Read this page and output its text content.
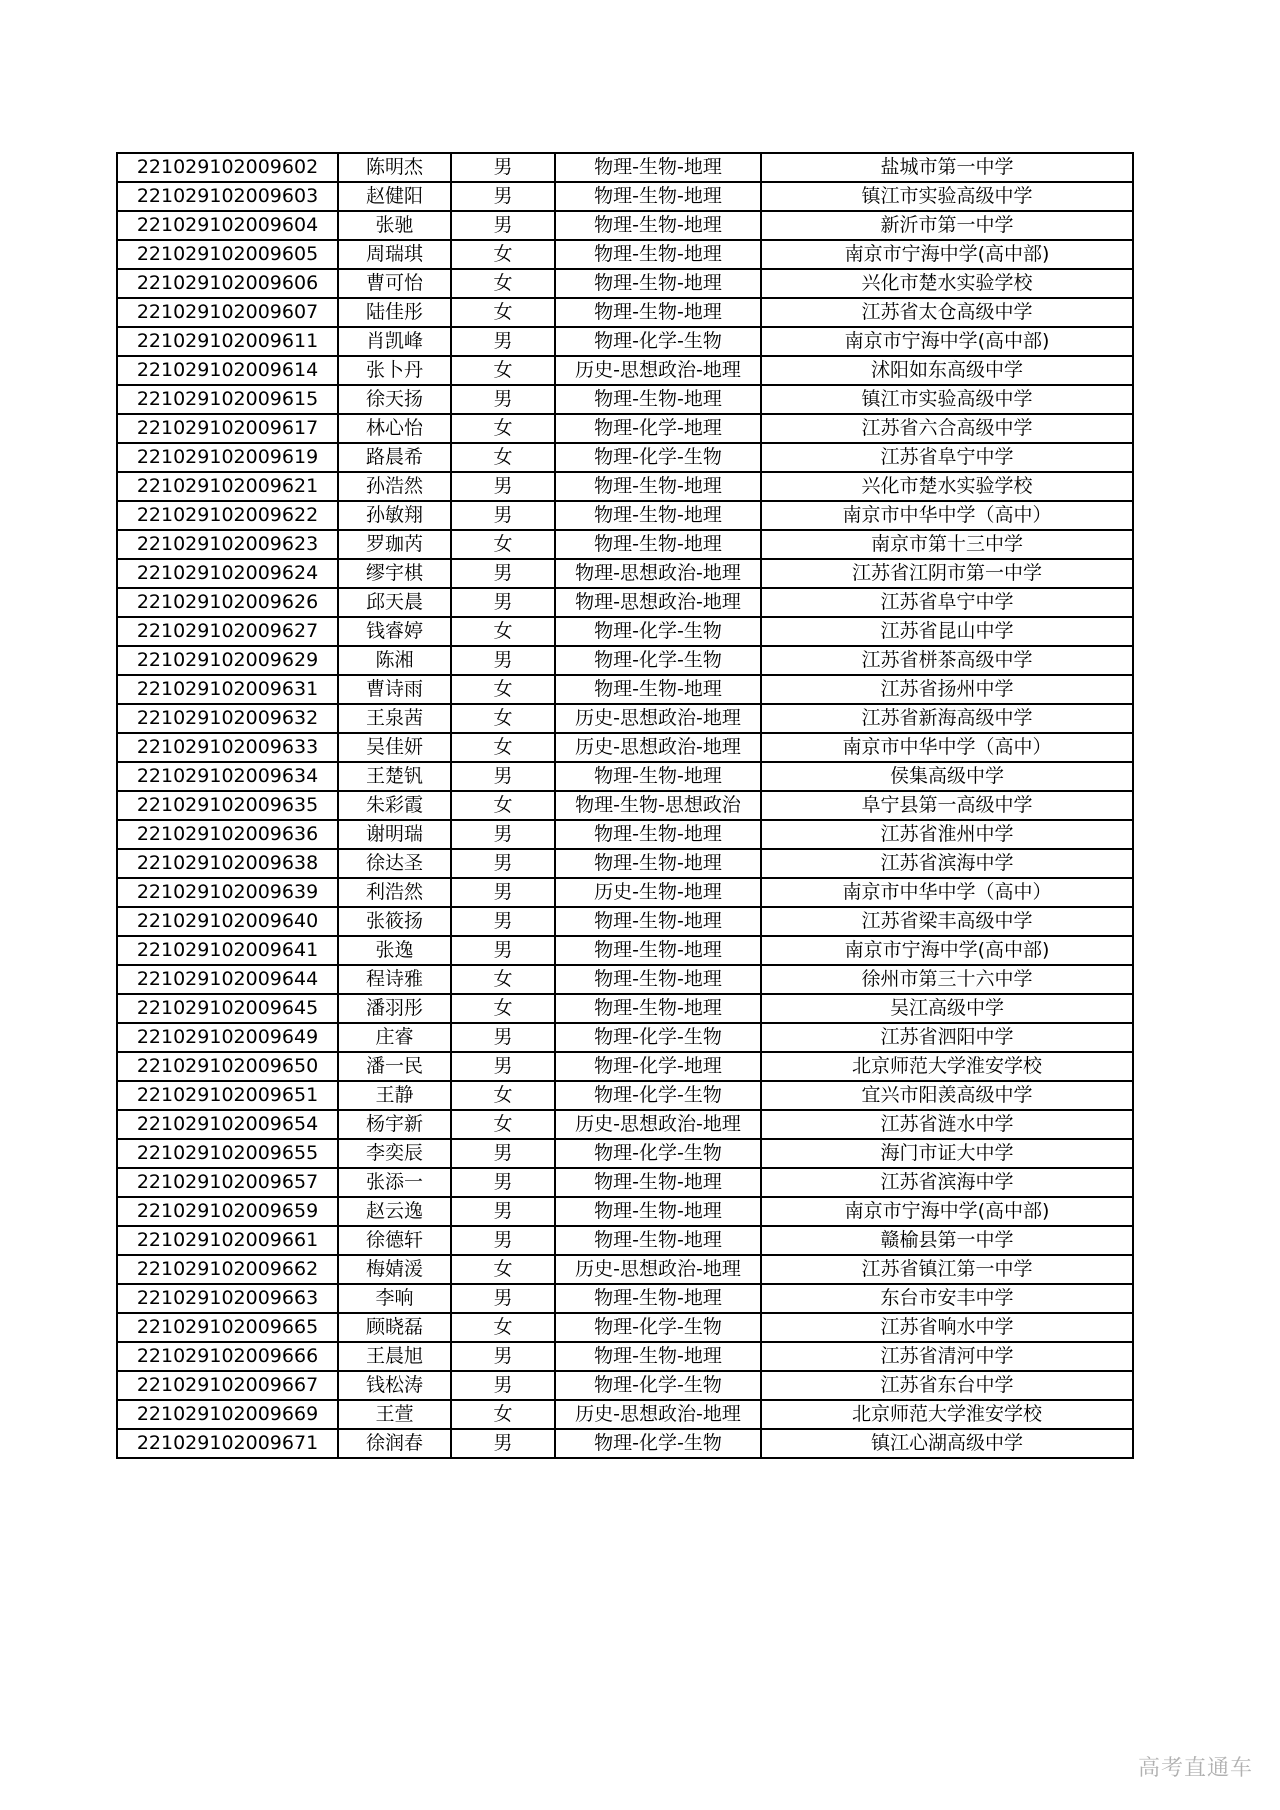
221029102009602	陈明杰	男	物理-生物-地理	盐城市第一中学
221029102009603	赵健阳	男	物理-生物-地理	镇江市实验高级中学
221029102009604	张驰	男	物理-生物-地理	新沂市第一中学
221029102009605	周瑞琪	女	物理-生物-地理	南京市宁海中学(高中部)
221029102009606	曹可怡	女	物理-生物-地理	兴化市楚水实验学校
221029102009607	陆佳彤	女	物理-生物-地理	江苏省太仓高级中学
221029102009611	肖凯峰	男	物理-化学-生物	南京市宁海中学(高中部)
221029102009614	张卜丹	女	历史-思想政治-地理	沭阳如东高级中学
221029102009615	徐天扬	男	物理-生物-地理	镇江市实验高级中学
221029102009617	林心怡	女	物理-化学-地理	江苏省六合高级中学
221029102009619	路晨希	女	物理-化学-生物	江苏省阜宁中学
221029102009621	孙浩然	男	物理-生物-地理	兴化市楚水实验学校
221029102009622	孙敏翔	男	物理-生物-地理	南京市中华中学（高中）
221029102009623	罗珈芮	女	物理-生物-地理	南京市第十三中学
221029102009624	缪宇棋	男	物理-思想政治-地理	江苏省江阴市第一中学
221029102009626	邱天晨	男	物理-思想政治-地理	江苏省阜宁中学
221029102009627	钱睿婷	女	物理-化学-生物	江苏省昆山中学
221029102009629	陈湘	男	物理-化学-生物	江苏省栟茶高级中学
221029102009631	曹诗雨	女	物理-生物-地理	江苏省扬州中学
221029102009632	王泉茜	女	历史-思想政治-地理	江苏省新海高级中学
221029102009633	吴佳妍	女	历史-思想政治-地理	南京市中华中学（高中）
221029102009634	王楚钒	男	物理-生物-地理	侯集高级中学
221029102009635	朱彩霞	女	物理-生物-思想政治	阜宁县第一高级中学
221029102009636	谢明瑞	男	物理-生物-地理	江苏省淮州中学
221029102009638	徐达圣	男	物理-生物-地理	江苏省滨海中学
221029102009639	利浩然	男	历史-生物-地理	南京市中华中学（高中）
221029102009640	张筱扬	男	物理-生物-地理	江苏省梁丰高级中学
221029102009641	张逸	男	物理-生物-地理	南京市宁海中学(高中部)
221029102009644	程诗雅	女	物理-生物-地理	徐州市第三十六中学
221029102009645	潘羽彤	女	物理-生物-地理	吴江高级中学
221029102009649	庄睿	男	物理-化学-生物	江苏省泗阳中学
221029102009650	潘一民	男	物理-化学-地理	北京师范大学淮安学校
221029102009651	王静	女	物理-化学-生物	宜兴市阳羡高级中学
221029102009654	杨宇新	女	历史-思想政治-地理	江苏省涟水中学
221029102009655	李奕辰	男	物理-化学-生物	海门市证大中学
221029102009657	张添一	男	物理-生物-地理	江苏省滨海中学
221029102009659	赵云逸	男	物理-生物-地理	南京市宁海中学(高中部)
221029102009661	徐德轩	男	物理-生物-地理	赣榆县第一中学
221029102009662	梅婧湲	女	历史-思想政治-地理	江苏省镇江第一中学
221029102009663	李响	男	物理-生物-地理	东台市安丰中学
221029102009665	顾晓磊	女	物理-化学-生物	江苏省响水中学
221029102009666	王晨旭	男	物理-生物-地理	江苏省清河中学
221029102009667	钱松涛	男	物理-化学-生物	江苏省东台中学
221029102009669	王萱	女	历史-思想政治-地理	北京师范大学淮安学校
221029102009671	徐润春	男	物理-化学-生物	镇江心湖高级中学
高考直通车
